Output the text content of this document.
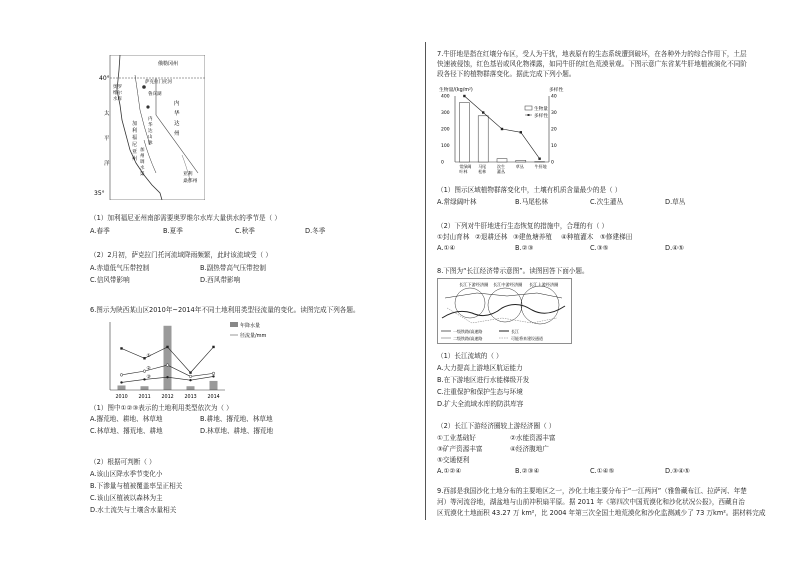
40°
35°
俄勒冈州
太
平
洋
加
利
福
尼
亚
州
内
华
达
州
亚利
桑那州
萨克拉门托河
鲁宾湖
奥罗
维尔
水库
内
华
达
山
脉
加
州
调
水
渠
（1）加利福尼亚州南部需要奥罗维尔水库大量供水的季节是（ ）
A.春季	B.夏季	C.秋季	D.冬季
（2）2月初，萨克拉门托河流域降雨频繁，此时该流域受（ ）
A.赤道低气压带控制	B.副热带高气压带控制
C.信风带影响	D.西风带影响
6.图示为陕西某山区2010年~2014年不同土地利用类型径流量的变化。读图完成下列各题。
①
②
③
2010 2011 2012 2013 2014
年降水量
径流量/mm
（1）图中①②③表示的土地利用类型依次为（ ）
A.撂荒地、耕地、林草地	B.耕地、撂荒地、林草地
C.林草地、撂荒地、耕地	D.林草地、耕地、撂荒地
（2）根据可判断（ ）
A.该山区降水季节变化小
B.下渗量与植被覆盖率呈正相关
C.该山区植被以森林为主
D.水土流失与土壤含水量相关
7.牛肝地是指在红壤分布区，受人为干扰，地表原有的生态系统遭到破坏，在各种外力的综合作用下，土层
快速被侵蚀，红色基岩或风化物裸露，如同牛肝的红色荒漠景观。下图示意广东省某牛肝地植被演化不同阶
段各径下的植物群落变化。据此完成下列小题。
生物量/(kg/m²)	多样性
0
100
200
300
400
0
10
20
30
40
常绿阔
叶林
马尾
松林
次生
灌丛
草丛	牛肝地
生物量
多样性
（1）图示区域植物群落变化中，土壤有机质含量最少的是（ ）
A.常绿阔叶林	B.马尾松林	C.次生灌丛	D.草丛
（2）下列对牛肝地进行生态恢复的措施中，合理的有（ ）
①封山育林 ②退耕还林 ③建鱼塘养殖 ④种植灌木 ⑤修建梯田
A.①④	B.②③	C.③⑤	D.④⑤
8.下图为“长江经济带示意图”。读图回答下面小题。
长江下游经济圈 长江中游经济圈 长江上游经济圈
一级铁路/高速路	长江
二级铁路/高速路	可能将来建设通道
（1）长江流域的（ ）
A.大力提高上游地区航运能力
B.在下游地区进行水能梯级开发
C.注重保护和保护生态与环境
D.扩大全流域水库的防洪库容
（2）长江下游经济圈较上游经济圈（ ）
①工业基础好	②水能资源丰富
③矿产资源丰富	④经济腹地广
⑤交通便利
A.①②④	B.②③④	C.①④⑤	D.③④⑤
9.西部是我国沙化土地分布的主要地区之一，沙化土地主要分布于“一江两河”（雅鲁藏布江、拉萨河、年楚
河）等河流谷地，湖盆地与山前冲积扇平原。据 2011 年《第四次中国荒漠化和沙化状况公报》，西藏自治
区荒漠化土地面积 43.27 万 km²，比 2004 年第三次全国土地荒漠化和沙化监测减少了 73 万km²。据材料完成
